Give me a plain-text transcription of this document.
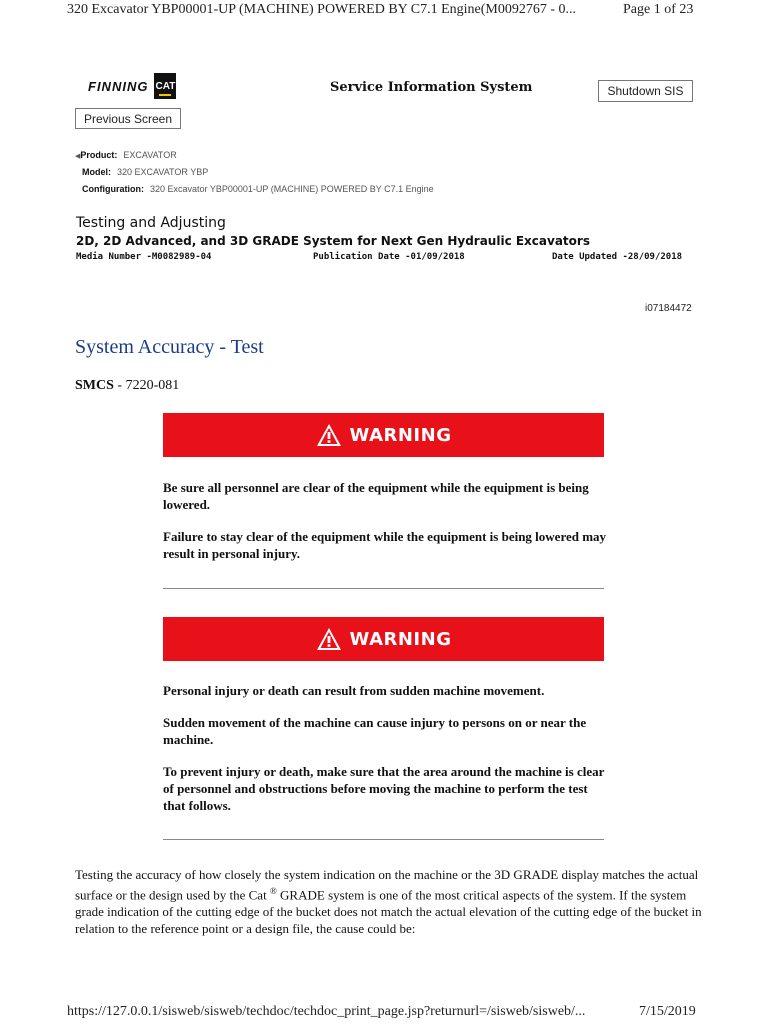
320 Excavator YBP00001-UP (MACHINE) POWERED BY C7.1 Engine(M0092767 - 0...	Page 1 of 23
FINNING CAT	Service Information System	Shutdown SIS
Previous Screen
◀Product: EXCAVATOR
Model: 320 EXCAVATOR YBP
Configuration: 320 Excavator YBP00001-UP (MACHINE) POWERED BY C7.1 Engine
Testing and Adjusting
2D, 2D Advanced, and 3D GRADE System for Next Gen Hydraulic Excavators
Media Number -M0082989-04	Publication Date -01/09/2018	Date Updated -28/09/2018
i07184472
System Accuracy - Test
SMCS - 7220-081
WARNING

Be sure all personnel are clear of the equipment while the equipment is being lowered.

Failure to stay clear of the equipment while the equipment is being lowered may result in personal injury.

WARNING

Personal injury or death can result from sudden machine movement.

Sudden movement of the machine can cause injury to persons on or near the machine.

To prevent injury or death, make sure that the area around the machine is clear of personnel and obstructions before moving the machine to perform the test that follows.

Testing the accuracy of how closely the system indication on the machine or the 3D GRADE display matches the actual surface or the design used by the Cat ® GRADE system is one of the most critical aspects of the system. If the system grade indication of the cutting edge of the bucket does not match the actual elevation of the cutting edge of the bucket in relation to the reference point or a design file, the cause could be:
https://127.0.0.1/sisweb/sisweb/techdoc/techdoc_print_page.jsp?returnurl=/sisweb/sisweb/...	7/15/2019
